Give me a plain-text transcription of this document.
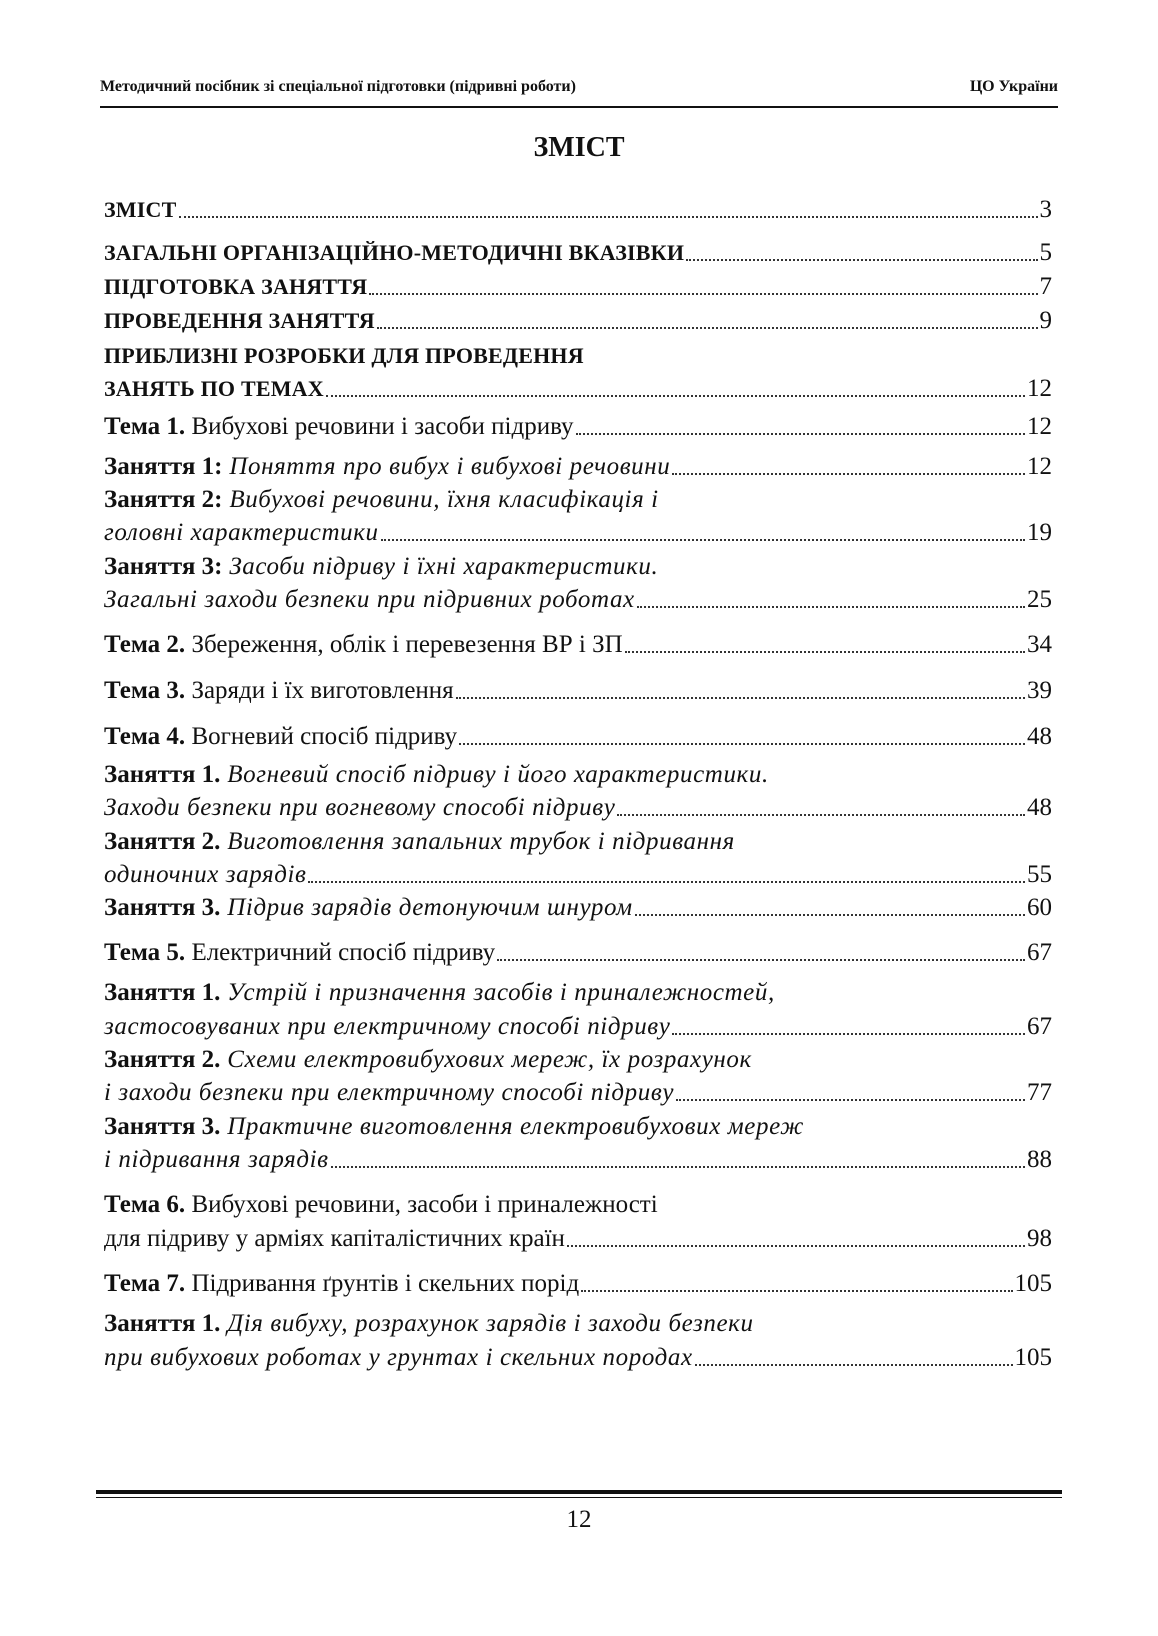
Методичний посібник зі спеціальної підготовки (підривні роботи)	ЦО України
ЗМІСТ
ЗМІСТ	3
ЗАГАЛЬНІ ОРГАНІЗАЦІЙНО-МЕТОДИЧНІ ВКАЗІВКИ	5
ПІДГОТОВКА ЗАНЯТТЯ	7
ПРОВЕДЕННЯ ЗАНЯТТЯ	9
ПРИБЛИЗНІ РОЗРОБКИ ДЛЯ ПРОВЕДЕННЯ
ЗАНЯТЬ ПО ТЕМАХ	12
Тема 1. Вибухові речовини і засоби підриву	12
Заняття 1: Поняття про вибух і вибухові речовини	12
Заняття 2: Вибухові речовини, їхня класифікація і
головні характеристики	19
Заняття 3: Засоби підриву і їхні характеристики.
Загальні заходи безпеки при підривних роботах	25
Тема 2. Збереження, облік і перевезення ВР і ЗП	34
Тема 3. Заряди і їх виготовлення	39
Тема 4. Вогневий спосіб підриву	48
Заняття 1. Вогневий спосіб підриву і його характеристики.
Заходи безпеки при вогневому способі підриву	48
Заняття 2. Виготовлення запальних трубок і підривання
одиночних зарядів	55
Заняття 3. Підрив зарядів детонуючим шнуром	60
Тема 5. Електричний спосіб підриву	67
Заняття 1. Устрій і призначення засобів і приналежностей,
застосовуваних при електричному способі підриву	67
Заняття 2. Схеми електровибухових мереж, їх розрахунок
і заходи безпеки при електричному способі підриву	77
Заняття 3. Практичне виготовлення електровибухових мереж
і підривання зарядів	88
Тема 6. Вибухові речовини, засоби і приналежності
для підриву у арміях капіталістичних країн	98
Тема 7. Підривання ґрунтів і скельних порід	105
Заняття 1. Дія вибуху, розрахунок зарядів і заходи безпеки
при вибухових роботах у грунтах і скельних породах	105
12
